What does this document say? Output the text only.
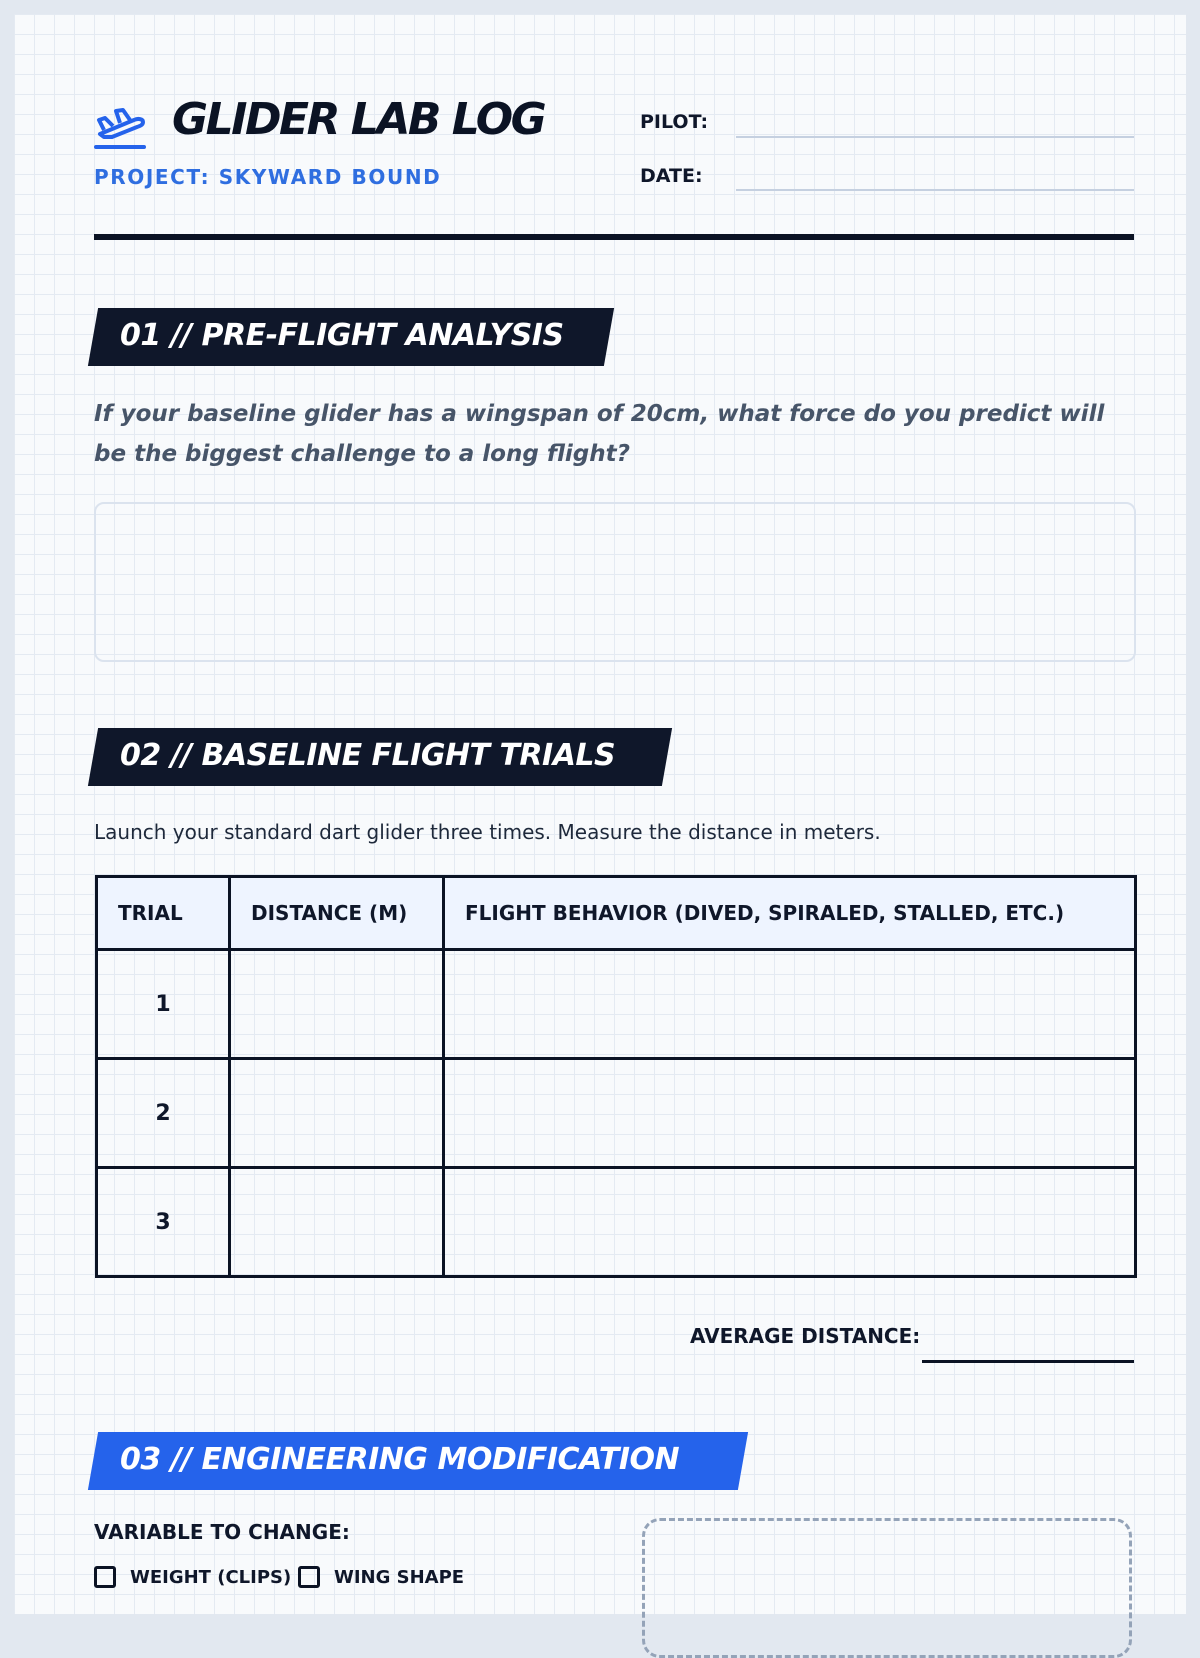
GLIDER LAB LOG
PROJECT: SKYWARD BOUND
PILOT:
DATE:
01 // PRE-FLIGHT ANALYSIS
If your baseline glider has a wingspan of 20cm, what force do you predict will be the biggest challenge to a long flight?
02 // BASELINE FLIGHT TRIALS
Launch your standard dart glider three times. Measure the distance in meters.
TRIAL	DISTANCE (M)	FLIGHT BEHAVIOR (DIVED, SPIRALED, STALLED, ETC.)
1		
2		
3		
AVERAGE DISTANCE:
03 // ENGINEERING MODIFICATION
VARIABLE TO CHANGE:
WEIGHT (CLIPS) WING SHAPE
